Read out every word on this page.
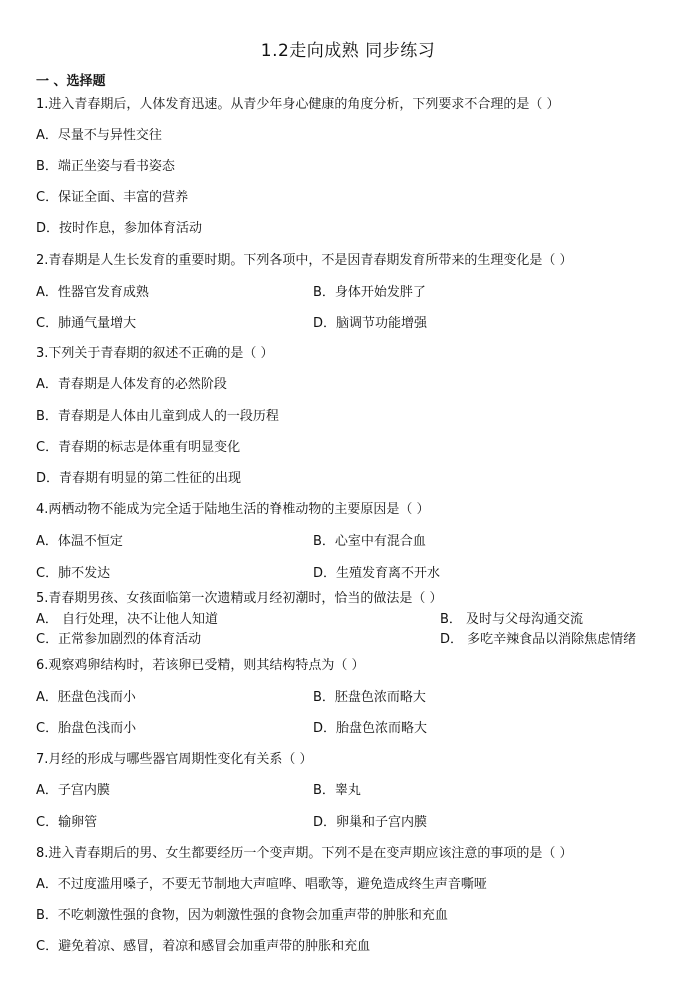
1.2走向成熟 同步练习
一 、选择题
1.进入青春期后，人体发育迅速。从青少年身心健康的角度分析，下列要求不合理的是（ ）
A．尽量不与异性交往
B．端正坐姿与看书姿态
C．保证全面、丰富的营养
D．按时作息，参加体育活动
2.青春期是人生长发育的重要时期。下列各项中，不是因青春期发育所带来的生理变化是（ ）
A．性器官发育成熟	B．身体开始发胖了
C．肺通气量增大	D．脑调节功能增强
3.下列关于青春期的叙述不正确的是（ ）
A．青春期是人体发育的必然阶段
B．青春期是人体由儿童到成人的一段历程
C．青春期的标志是体重有明显变化
D．青春期有明显的第二性征的出现
4.两栖动物不能成为完全适于陆地生活的脊椎动物的主要原因是（ ）
A．体温不恒定	B．心室中有混合血
C．肺不发达	D．生殖发育离不开水
5.青春期男孩、女孩面临第一次遗精或月经初潮时，恰当的做法是（ ）
A． 自行处理，决不让他人知道	B． 及时与父母沟通交流
C．正常参加剧烈的体育活动	D． 多吃辛辣食品以消除焦虑情绪
6.观察鸡卵结构时，若该卵已受精，则其结构特点为（ ）
A．胚盘色浅而小	B．胚盘色浓而略大
C．胎盘色浅而小	D．胎盘色浓而略大
7.月经的形成与哪些器官周期性变化有关系（ ）
A．子宫内膜	B．睾丸
C．输卵管	D．卵巢和子宫内膜
8.进入青春期后的男、女生都要经历一个变声期。下列不是在变声期应该注意的事项的是（ ）
A．不过度滥用嗓子，不要无节制地大声喧哗、唱歌等，避免造成终生声音嘶哑
B．不吃刺激性强的食物，因为刺激性强的食物会加重声带的肿胀和充血
C．避免着凉、感冒，着凉和感冒会加重声带的肿胀和充血
